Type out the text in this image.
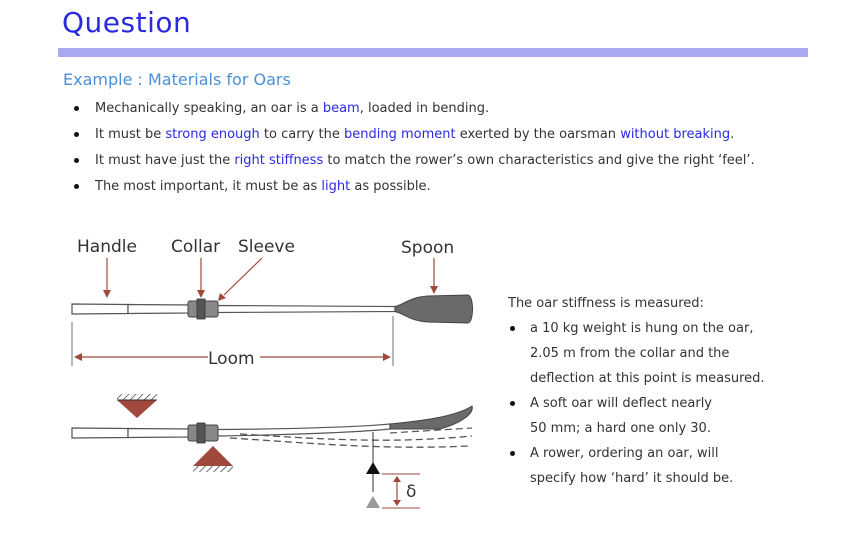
Question
Example : Materials for Oars
Mechanically speaking, an oar is a beam, loaded in bending.
It must be strong enough to carry the bending moment exerted by the oarsman without breaking.
It must have just the right stiffness to match the rower’s own characteristics and give the right ‘feel’.
The most important, it must be as light as possible.
Handle Collar Sleeve	Spoon
Loom
δ
The oar stiffness is measured:
a 10 kg weight is hung on the oar,
2.05 m from the collar and the
deflection at this point is measured.
A soft oar will deflect nearly
50 mm; a hard one only 30.
A rower, ordering an oar, will
specify how ‘hard’ it should be.
